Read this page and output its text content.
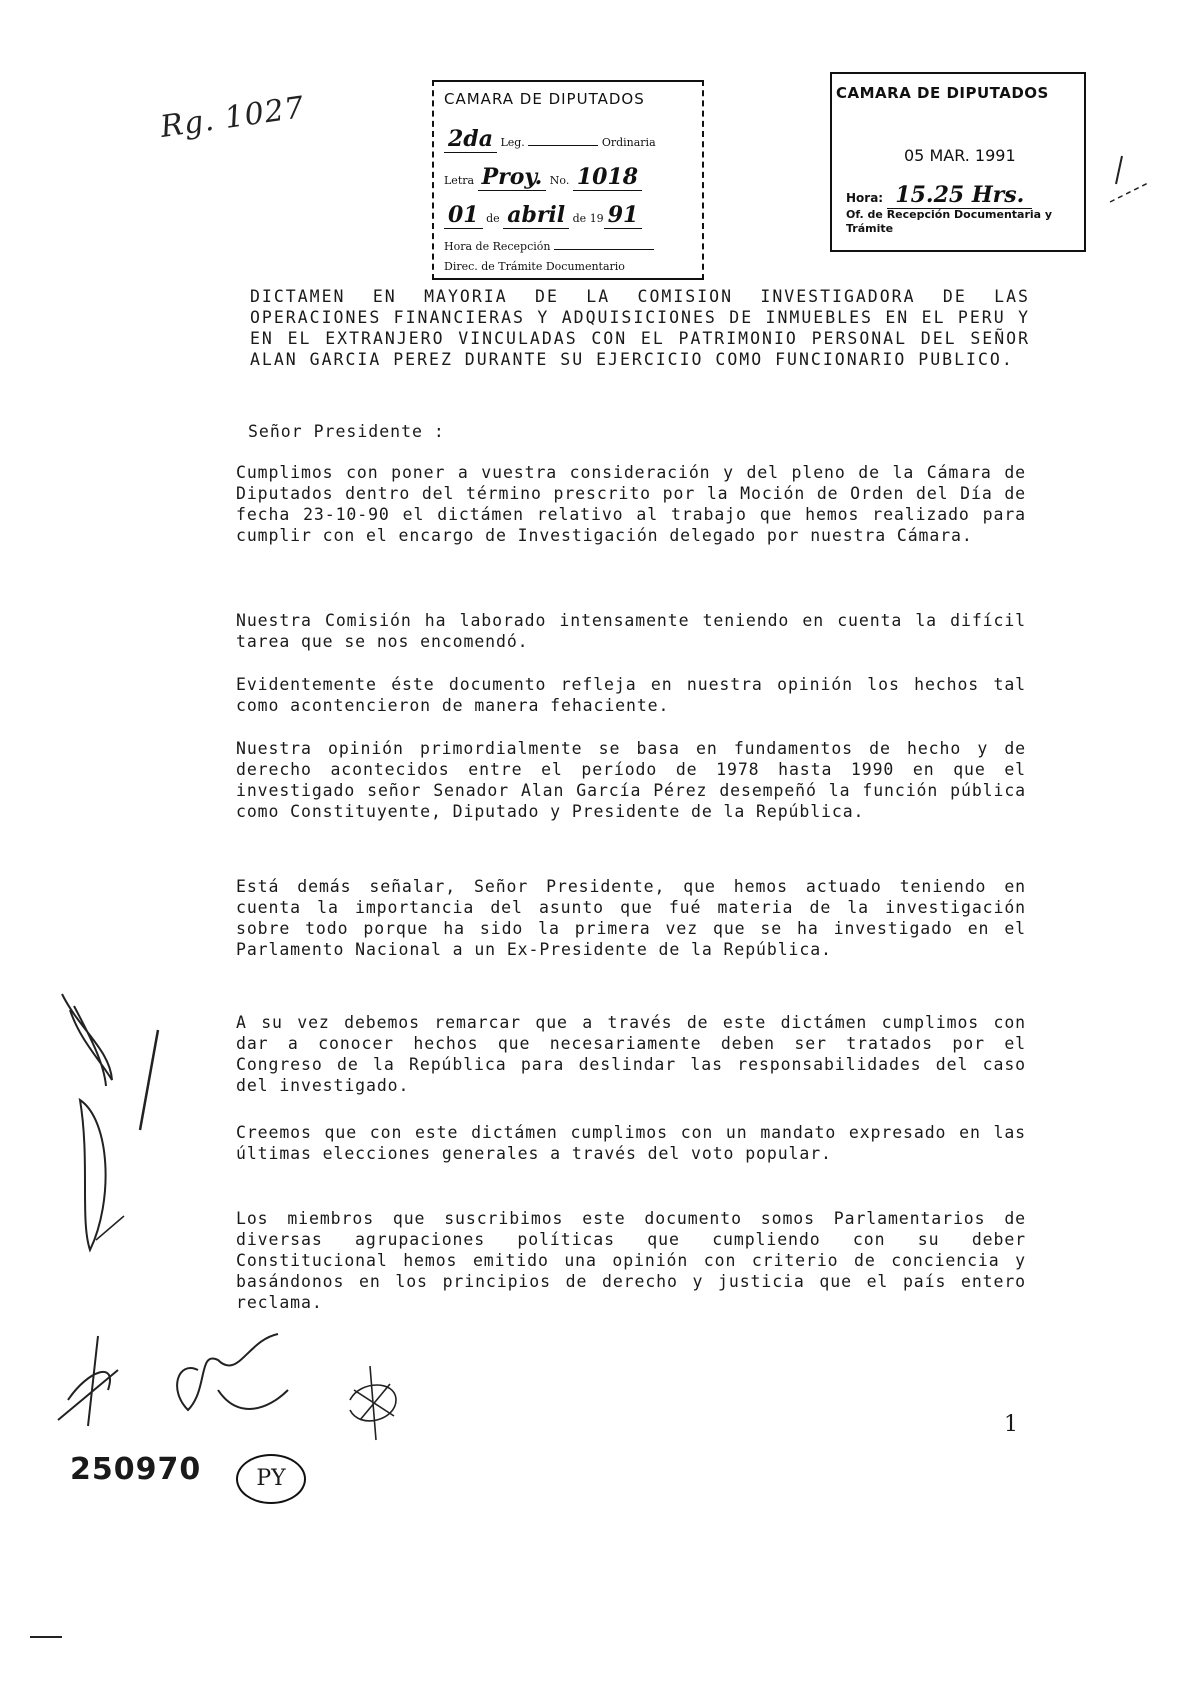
Rg. 1027	CAMARA DE DIPUTADOS
2da Leg.	Ordinaria
Letra Proy. No. 1018
01 de abril de 19 91
Hora de Recepción
Direc. de Trámite Documentario
CAMARA DE DIPUTADOS
05 MAR. 1991
Hora: 15.25 Hrs.
Of. de Recepción Documentaria y Trámite
DICTAMEN EN MAYORIA DE LA COMISION INVESTIGADORA DE LAS OPERACIONES FINANCIERAS Y ADQUISICIONES DE INMUEBLES EN EL PERU Y EN EL EXTRANJERO VINCULADAS CON EL PATRIMONIO PERSONAL DEL SEÑOR ALAN GARCIA PEREZ DURANTE SU EJERCICIO COMO FUNCIONARIO PUBLICO.
Señor Presidente :

Cumplimos con poner a vuestra consideración y del pleno de la Cámara de Diputados dentro del término prescrito por la Moción de Orden del Día de fecha 23-10-90 el dictámen relativo al trabajo que hemos realizado para cumplir con el encargo de Investigación delegado por nuestra Cámara.

Nuestra Comisión ha laborado intensamente teniendo en cuenta la difícil tarea que se nos encomendó.

Evidentemente éste documento refleja en nuestra opinión los hechos tal como acontencieron de manera fehaciente.

Nuestra opinión primordialmente se basa en fundamentos de hecho y de derecho acontecidos entre el período de 1978 hasta 1990 en que el investigado señor Senador Alan García Pérez desempeñó la función pública como Constituyente, Diputado y Presidente de la República.

Está demás señalar, Señor Presidente, que hemos actuado teniendo en cuenta la importancia del asunto que fué materia de la investigación sobre todo porque ha sido la primera vez que se ha investigado en el Parlamento Nacional a un Ex-Presidente de la República.

A su vez debemos remarcar que a través de este dictámen cumplimos con dar a conocer hechos que necesariamente deben ser tratados por el Congreso de la República para deslindar las responsabilidades del caso del investigado.

Creemos que con este dictámen cumplimos con un mandato expresado en las últimas elecciones generales a través del voto popular.

Los miembros que suscribimos este documento somos Parlamentarios de diversas agrupaciones políticas que cumpliendo con su deber Constitucional hemos emitido una opinión con criterio de conciencia y basándonos en los principios de derecho y justicia que el país entero reclama.

250970	PY
1
